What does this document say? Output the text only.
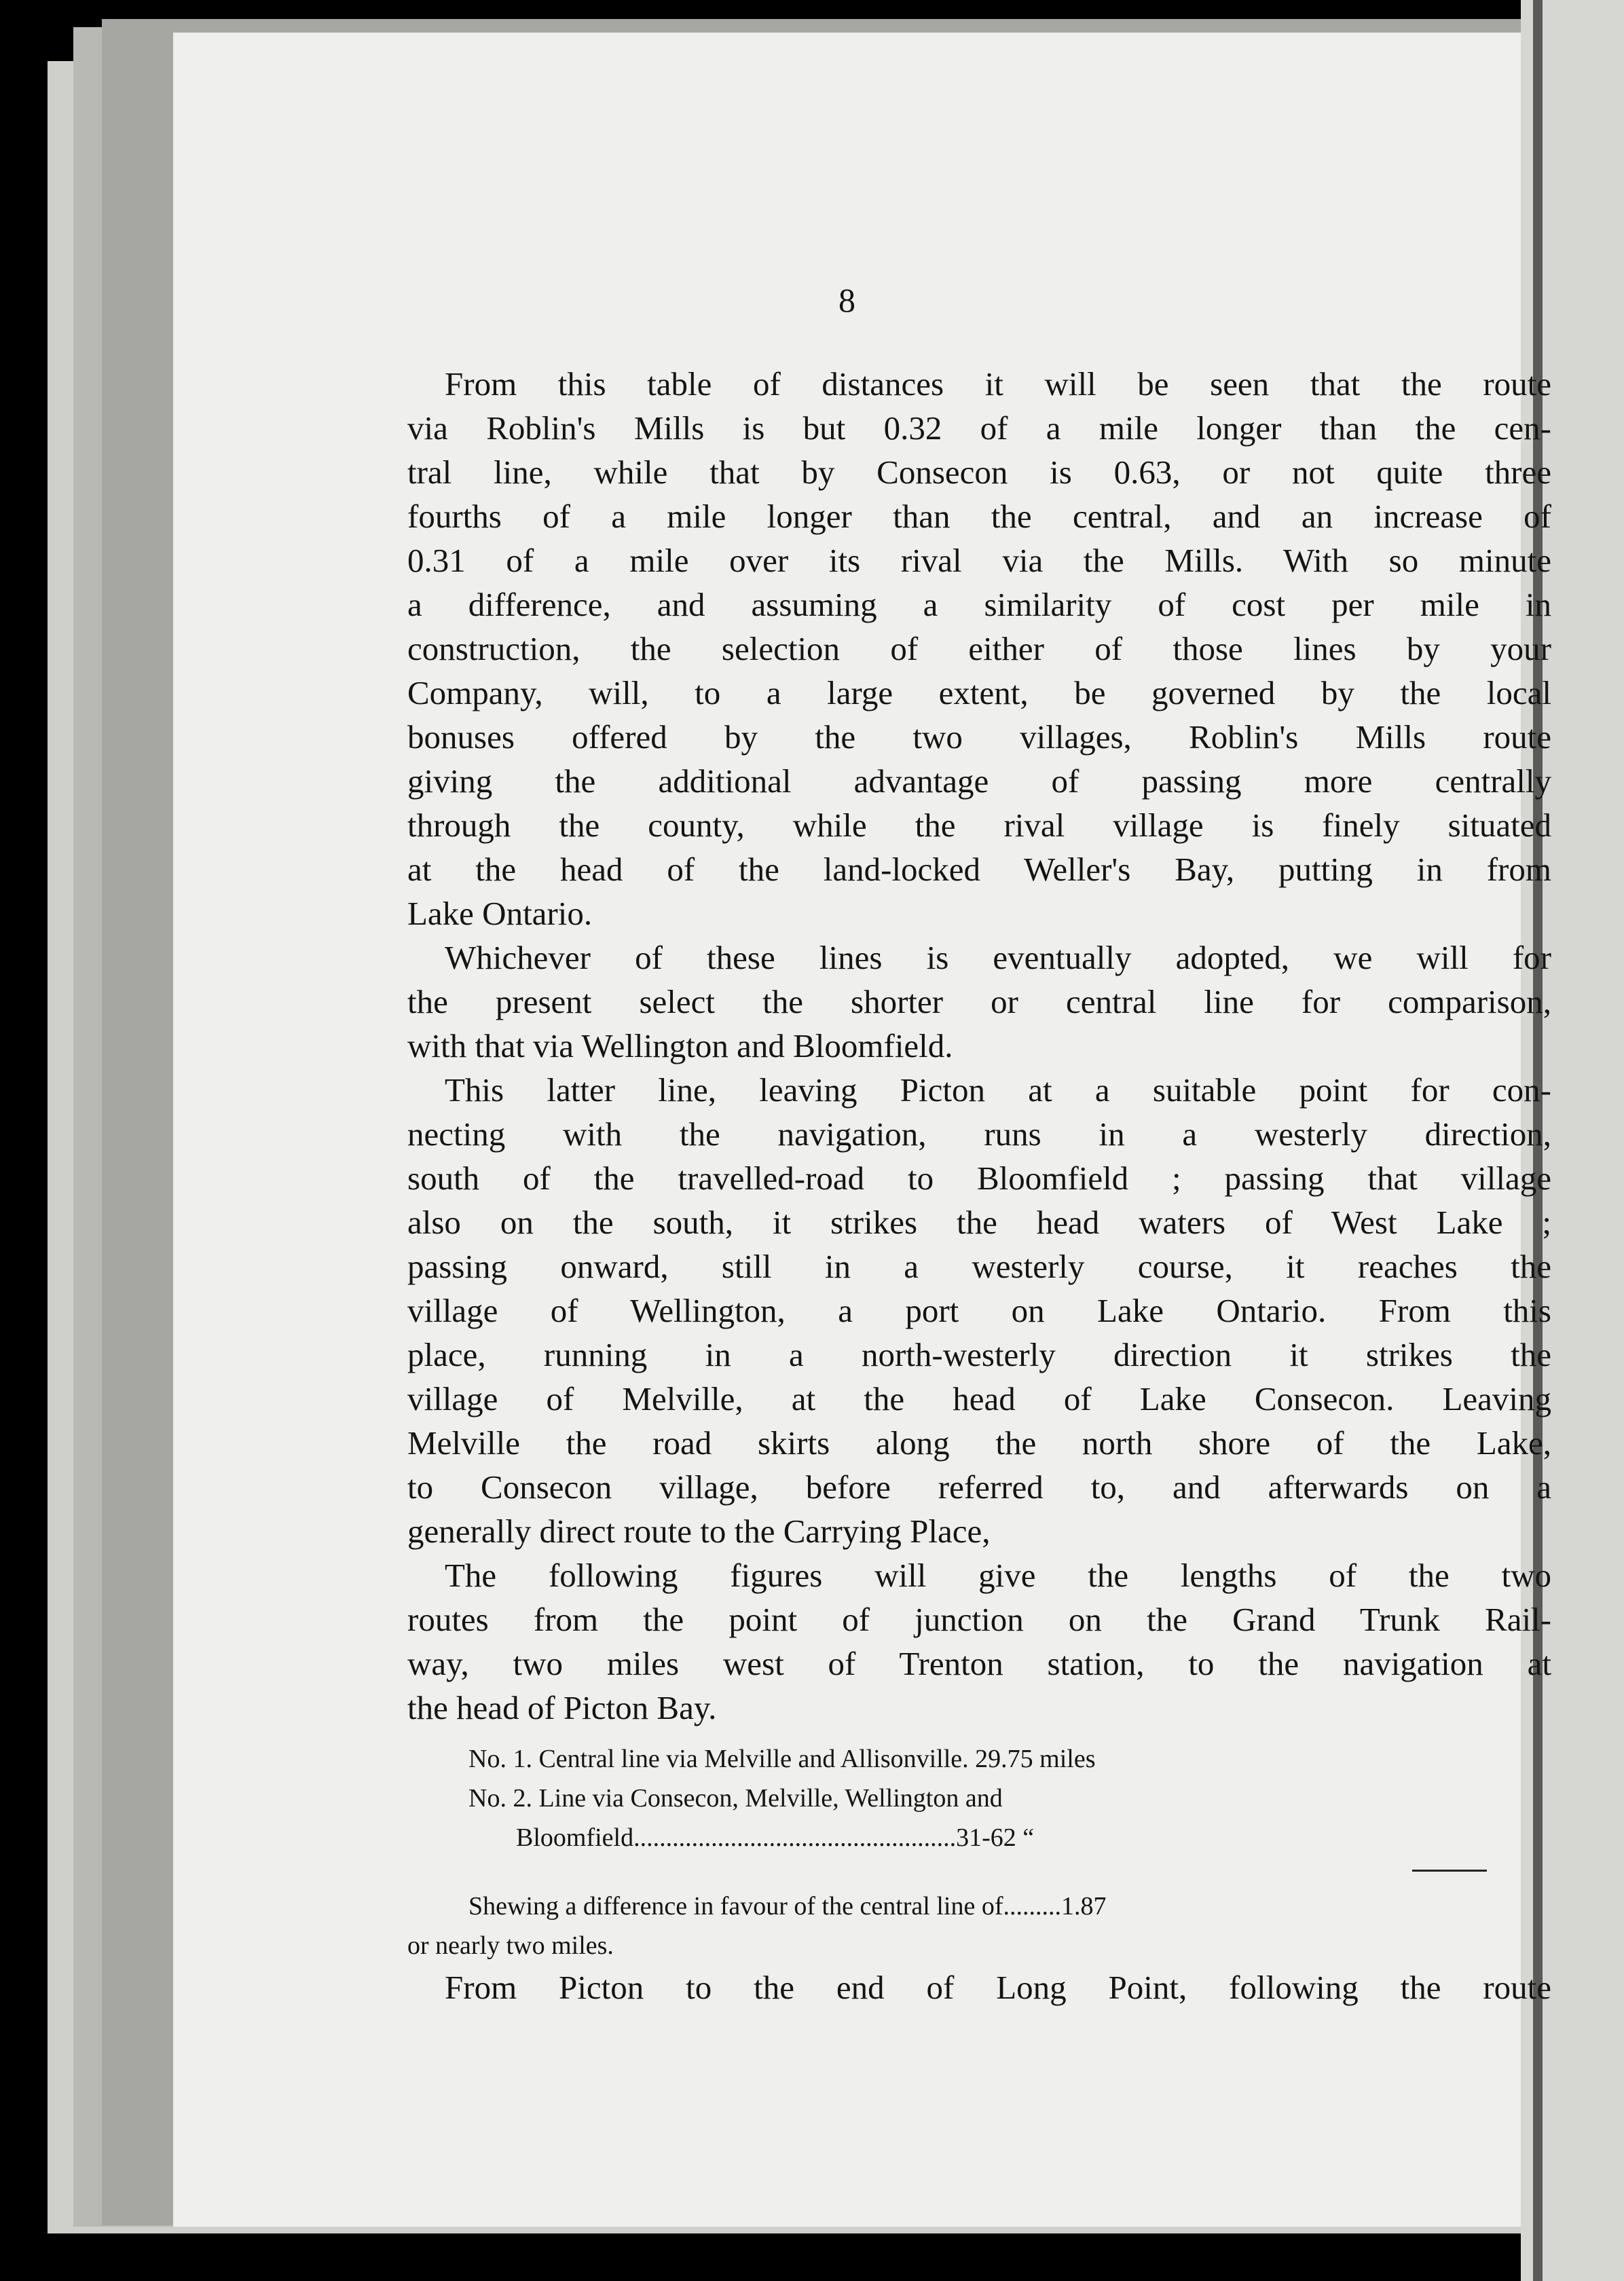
8
From this table of distances it will be seen that the route
via Roblin's Mills is but 0.32 of a mile longer than the cen-
tral line, while that by Consecon is 0.63, or not quite three
fourths of a mile longer than the central, and an increase of
0.31 of a mile over its rival via the Mills. With so minute
a difference, and assuming a similarity of cost per mile in
construction, the selection of either of those lines by your
Company, will, to a large extent, be governed by the local
bonuses offered by the two villages, Roblin's Mills route
giving the additional advantage of passing more centrally
through the county, while the rival village is finely situated
at the head of the land-locked Weller's Bay, putting in from
Lake Ontario.
Whichever of these lines is eventually adopted, we will for
the present select the shorter or central line for comparison,
with that via Wellington and Bloomfield.
This latter line, leaving Picton at a suitable point for con-
necting with the navigation, runs in a westerly direction,
south of the travelled-road to Bloomfield ; passing that village
also on the south, it strikes the head waters of West Lake ;
passing onward, still in a westerly course, it reaches the
village of Wellington, a port on Lake Ontario. From this
place, running in a north-westerly direction it strikes the
village of Melville, at the head of Lake Consecon. Leaving
Melville the road skirts along the north shore of the Lake,
to Consecon village, before referred to, and afterwards on a
generally direct route to the Carrying Place,
The following figures will give the lengths of the two
routes from the point of junction on the Grand Trunk Rail-
way, two miles west of Trenton station, to the navigation at
the head of Picton Bay.
No. 1. Central line via Melville and Allisonville. 29.75 miles
No. 2. Line via Consecon, Melville, Wellington and
Bloomfield..................................................31-62 “
Shewing a difference in favour of the central line of.........1.87
or nearly two miles.
From Picton to the end of Long Point, following the route
